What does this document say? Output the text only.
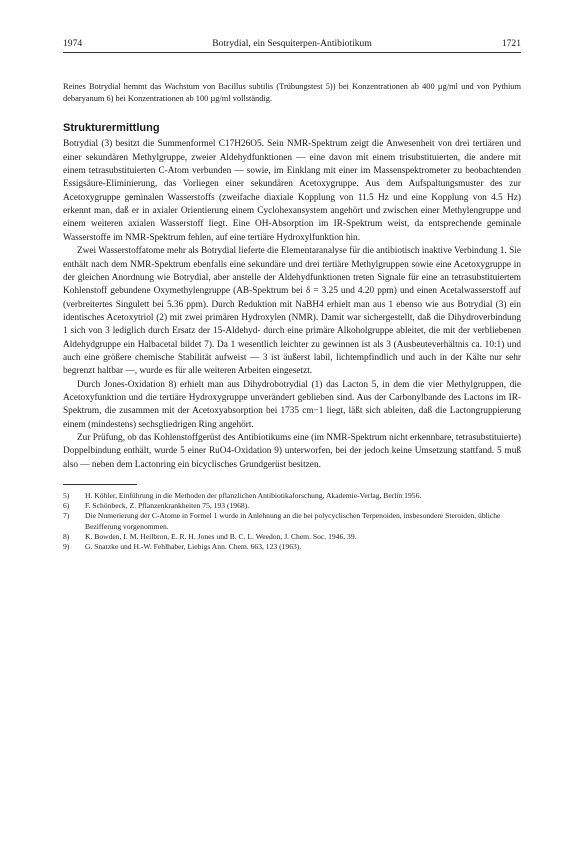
1974	Botrydial, ein Sesquiterpen-Antibiotikum	1721

Reines Botrydial hemmt das Wachstum von Bacillus subtilis (Trübungstest 5)) bei Konzentrationen ab 400 µg/ml und von Pythium debaryanum 6) bei Konzentrationen ab 100 µg/ml vollständig.

Strukturermittlung

Botrydial (3) besitzt die Summenformel C17H26O5. Sein NMR-Spektrum zeigt die Anwesenheit von drei tertiären und einer sekundären Methylgruppe, zweier Aldehydfunktionen — eine davon mit einem trisubstituierten, die andere mit einem tetrasubstituierten C-Atom verbunden — sowie, im Einklang mit einer im Massenspektrometer zu beobachtenden Essigsäure-Eliminierung, das Vorliegen einer sekundären Acetoxygruppe. Aus dem Aufspaltungsmuster des zur Acetoxygruppe geminalen Wasserstoffs (zweifache diaxiale Kopplung von 11.5 Hz und eine Kopplung von 4.5 Hz) erkennt man, daß er in axialer Orientierung einem Cyclohexansystem angehört und zwischen einer Methylengruppe und einem weiteren axialen Wasserstoff liegt. Eine OH-Absorption im IR-Spektrum weist, da entsprechende geminale Wasserstoffe im NMR-Spektrum fehlen, auf eine tertiäre Hydroxylfunktion hin.

Zwei Wasserstoffatome mehr als Botrydial lieferte die Elementaranalyse für die antibiotisch inaktive Verbindung 1. Sie enthält nach dem NMR-Spektrum ebenfalls eine sekundäre und drei tertiäre Methylgruppen sowie eine Acetoxygruppe in der gleichen Anordnung wie Botrydial, aber anstelle der Aldehydfunktionen treten Signale für eine an tetrasubstituiertem Kohlenstoff gebundene Oxymethylengruppe (AB-Spektrum bei δ = 3.25 und 4.20 ppm) und einen Acetalwasserstoff auf (verbreitertes Singulett bei 5.36 ppm). Durch Reduktion mit NaBH4 erhielt man aus 1 ebenso wie aus Botrydial (3) ein identisches Acetoxytriol (2) mit zwei primären Hydroxylen (NMR). Damit war sichergestellt, daß die Dihydroverbindung 1 sich von 3 lediglich durch Ersatz der 15-Aldehyd- durch eine primäre Alkoholgruppe ableitet, die mit der verbliebenen Aldehydgruppe ein Halbacetal bildet 7). Da 1 wesentlich leichter zu gewinnen ist als 3 (Ausbeuteverhältnis ca. 10:1) und auch eine größere chemische Stabilität aufweist — 3 ist äußerst labil, lichtempfindlich und auch in der Kälte nur sehr begrenzt haltbar —, wurde es für alle weiteren Arbeiten eingesetzt.

Durch Jones-Oxidation 8) erhielt man aus Dihydrobotrydial (1) das Lacton 5, in dem die vier Methylgruppen, die Acetoxyfunktion und die tertiäre Hydroxygruppe unverändert geblieben sind. Aus der Carbonylbande des Lactons im IR-Spektrum, die zusammen mit der Acetoxyabsorption bei 1735 cm−1 liegt, läßt sich ableiten, daß die Lactongruppierung einem (mindestens) sechsgliedrigen Ring angehört.

Zur Prüfung, ob das Kohlenstoffgerüst des Antibiotikums eine (im NMR-Spektrum nicht erkennbare, tetrasubstituierte) Doppelbindung enthält, wurde 5 einer RuO4-Oxidation 9) unterworfen, bei der jedoch keine Umsetzung stattfand. 5 muß also — neben dem Lactonring ein bicyclisches Grundgerüst besitzen.

5)	H. Köhler, Einführung in die Methoden der pflanzlichen Antibiotikaforschung, Akademie-Verlag, Berlin 1956.
6)	F. Schönbeck, Z. Pflanzenkrankheiten 75, 193 (1968).
7)	Die Numerierung der C-Atome in Formel 1 wurde in Anlehnung an die bei polycyclischen Terpenoiden, insbesondere Steroiden, übliche Bezifferung vorgenommen.
8)	K. Bowden, I. M. Heilbron, E. R. H. Jones und B. C. L. Weedon, J. Chem. Soc. 1946, 39.
9)	G. Snatzke und H.-W. Fehlhaber, Liebigs Ann. Chem. 663, 123 (1963).
